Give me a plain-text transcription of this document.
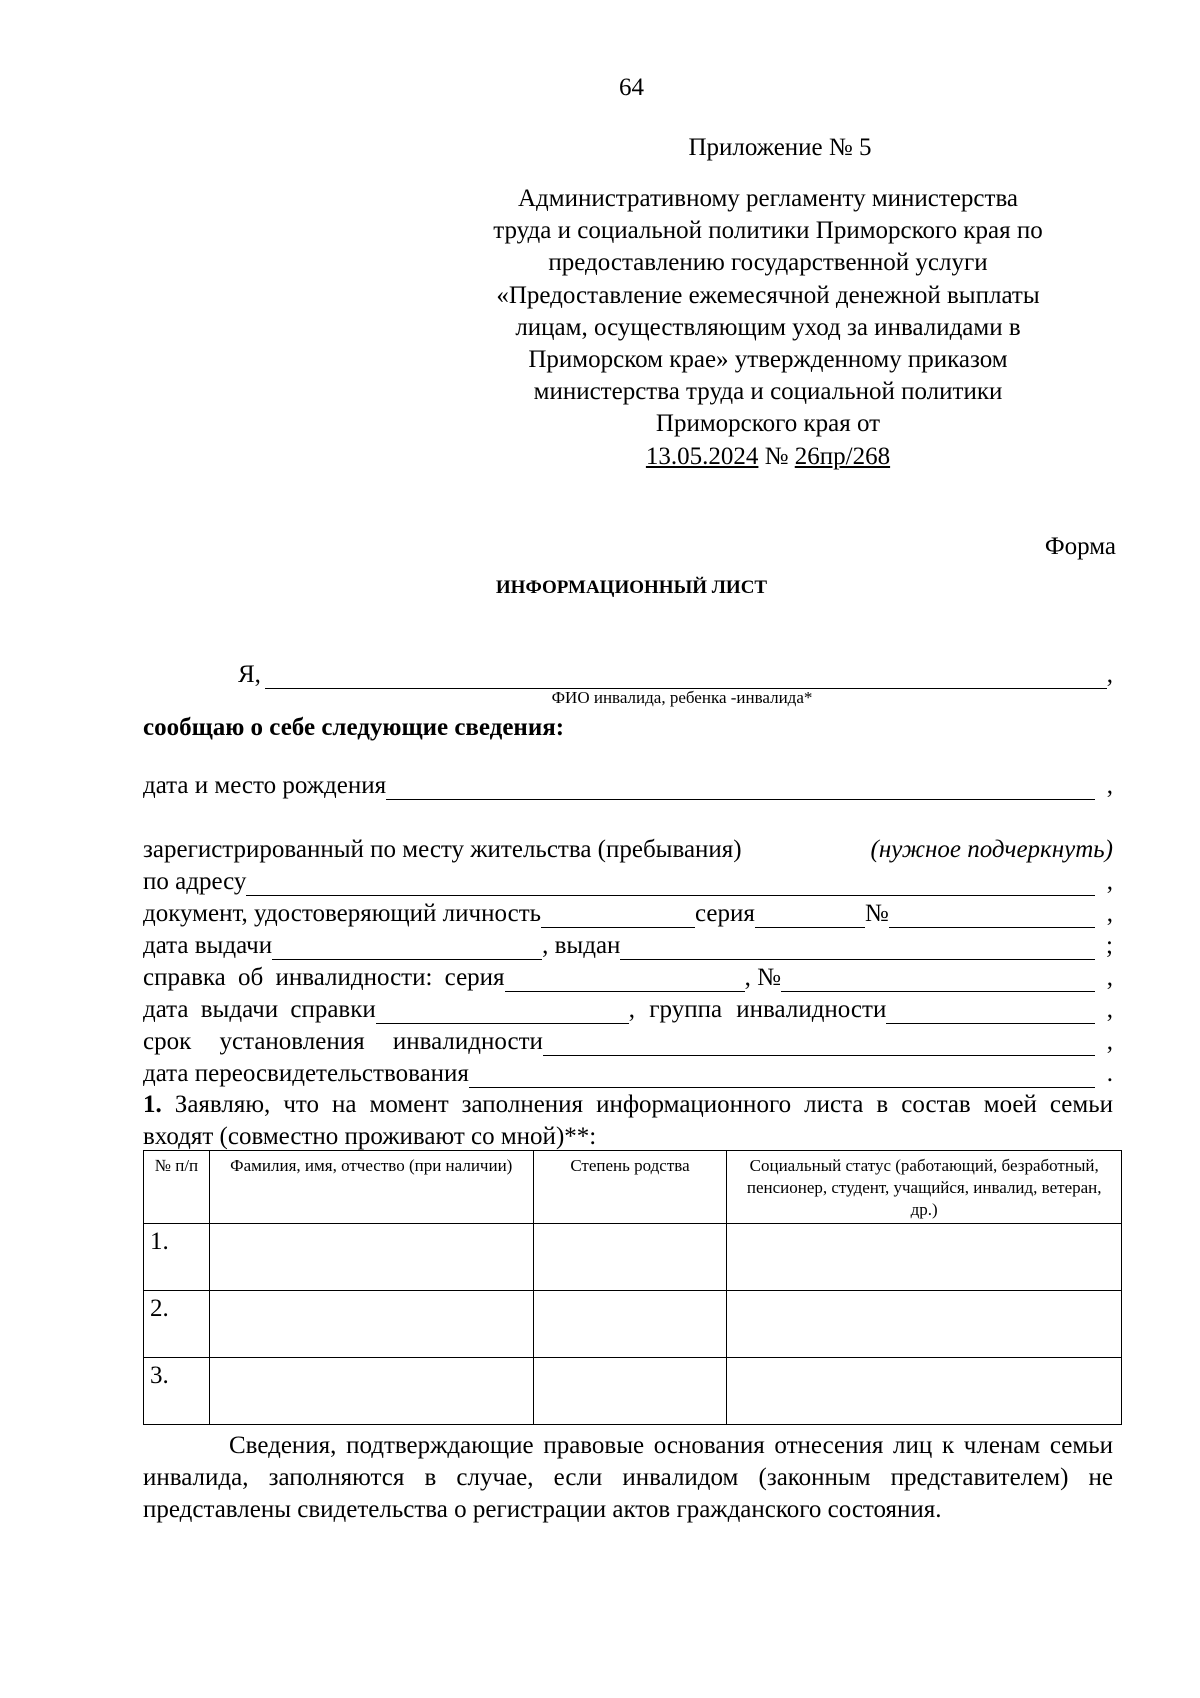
64
Приложение № 5
Административному регламенту министерства
труда и социальной политики Приморского края по
предоставлению государственной услуги
«Предоставление ежемесячной денежной выплаты
лицам, осуществляющим уход за инвалидами в
Приморском крае» утвержденному приказом
министерства труда и социальной политики
Приморского края от
13.05.2024 № 26пр/268
Форма
ИНФОРМАЦИОННЫЙ ЛИСТ
Я,	,
ФИО инвалида, ребенка -инвалида*
сообщаю о себе следующие сведения:
дата и место рождения	,
зарегистрированный по месту жительства (пребывания)	(нужное подчеркнуть)
по адресу	,
документ, удостоверяющий личность	серия	№	,
дата выдачи	, выдан	;
справка об инвалидности: серия	, №	,
дата выдачи справки	, группа инвалидности	,
срок установления инвалидности	,
дата переосвидетельствования	.
1. Заявляю, что на момент заполнения информационного листа в состав моей семьи входят (совместно проживают со мной)**:
№ п/п	Фамилия, имя, отчество (при наличии)	Степень родства	Социальный статус (работающий, безработный, пенсионер, студент, учащийся, инвалид, ветеран, др.)
1.			
2.			
3.			
Сведения, подтверждающие правовые основания отнесения лиц к членам семьи инвалида, заполняются в случае, если инвалидом (законным представителем) не представлены свидетельства о регистрации актов гражданского состояния.
